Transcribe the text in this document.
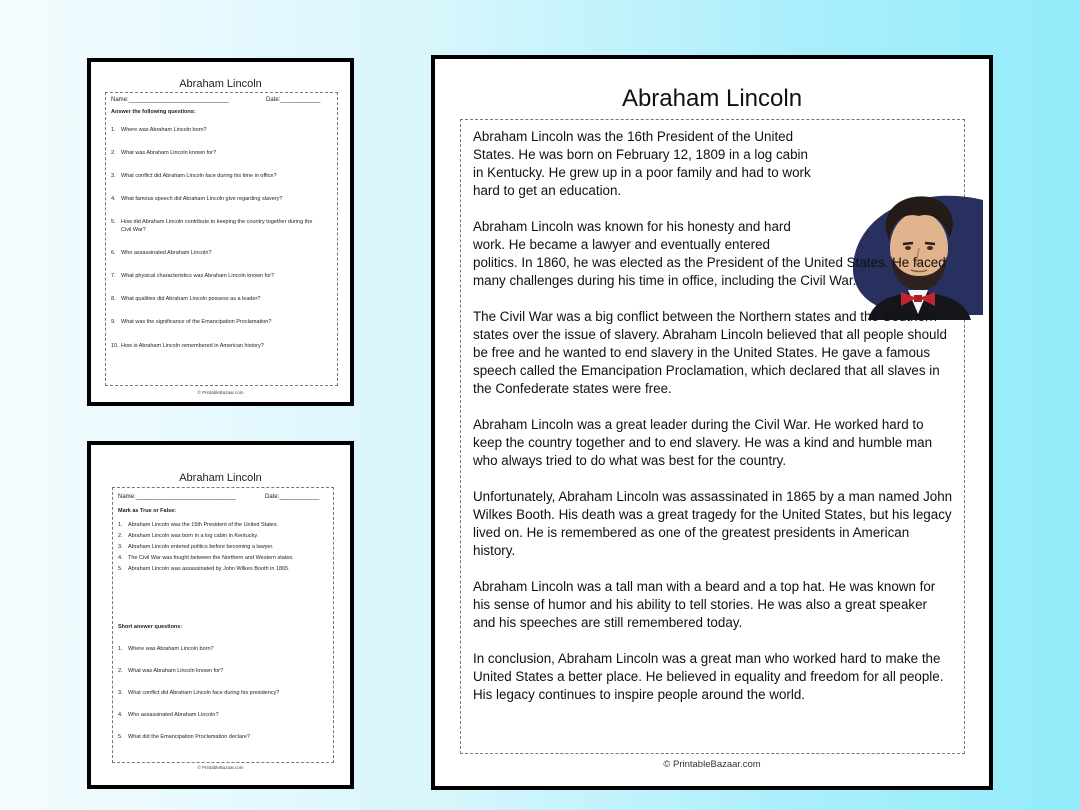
Abraham Lincoln
Name:______________________________	Date:____________
Answer the following questions:
1. Where was Abraham Lincoln born?
2. What was Abraham Lincoln known for?
3. What conflict did Abraham Lincoln face during his time in office?
4. What famous speech did Abraham Lincoln give regarding slavery?
5. How did Abraham Lincoln contribute to keeping the country together during the
Civil War?
6. Who assassinated Abraham Lincoln?
7. What physical characteristics was Abraham Lincoln known for?
8. What qualities did Abraham Lincoln possess as a leader?
9. What was the significance of the Emancipation Proclamation?
10. How is Abraham Lincoln remembered in American history?
© PrintableBazaar.com
Abraham Lincoln
Name:______________________________	Date:____________
Mark as True or False:
1. Abraham Lincoln was the 15th President of the United States.
2. Abraham Lincoln was born in a log cabin in Kentucky.
3. Abraham Lincoln entered politics before becoming a lawyer.
4. The Civil War was fought between the Northern and Western states.
5. Abraham Lincoln was assassinated by John Wilkes Booth in 1865.
Short answer questions:
1. Where was Abraham Lincoln born?
2. What was Abraham Lincoln known for?
3. What conflict did Abraham Lincoln face during his presidency?
4. Who assassinated Abraham Lincoln?
5. What did the Emancipation Proclamation declare?
© PrintableBazaar.com
Abraham Lincoln

Abraham Lincoln was the 16th President of the United States. He was born on February 12, 1809 in a log cabin in Kentucky. He grew up in a poor family and had to work hard to get an education.

Abraham Lincoln was known for his honesty and hard work. He became a lawyer and eventually entered

politics. In 1860, he was elected as the President of the United States. He faced many challenges during his time in office, including the Civil War.

The Civil War was a big conflict between the Northern states and the Southern states over the issue of slavery. Abraham Lincoln believed that all people should be free and he wanted to end slavery in the United States. He gave a famous speech called the Emancipation Proclamation, which declared that all slaves in the Confederate states were free.

Abraham Lincoln was a great leader during the Civil War. He worked hard to keep the country together and to end slavery. He was a kind and humble man who always tried to do what was best for the country.

Unfortunately, Abraham Lincoln was assassinated in 1865 by a man named John Wilkes Booth. His death was a great tragedy for the United States, but his legacy lived on. He is remembered as one of the greatest presidents in American history.

Abraham Lincoln was a tall man with a beard and a top hat. He was known for his sense of humor and his ability to tell stories. He was also a great speaker and his speeches are still remembered today.

In conclusion, Abraham Lincoln was a great man who worked hard to make the United States a better place. He believed in equality and freedom for all people. His legacy continues to inspire people around the world.

© PrintableBazaar.com
